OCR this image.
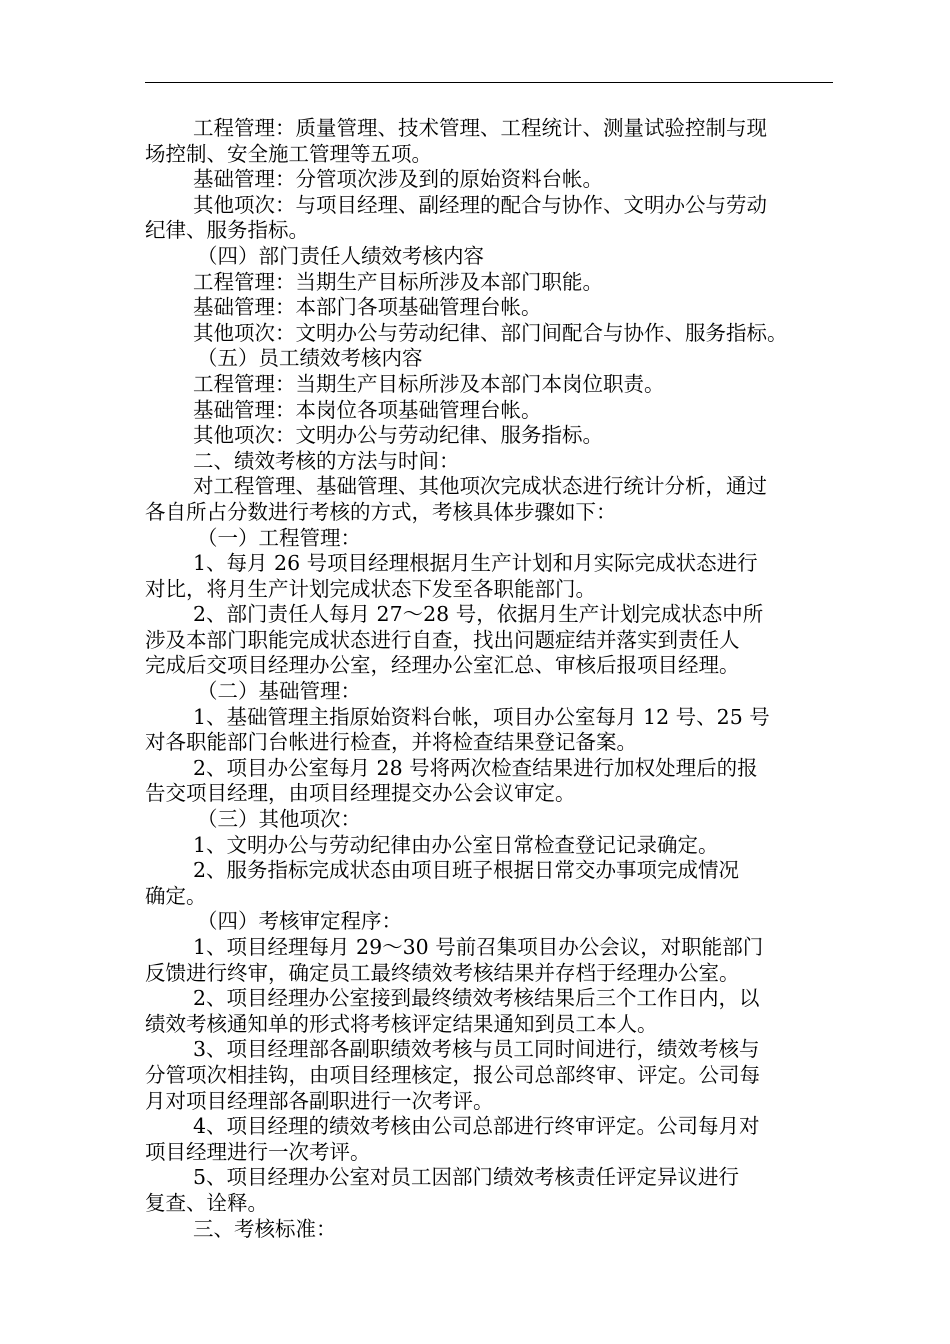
工程管理：质量管理、技术管理、工程统计、测量试验控制与现

场控制、安全施工管理等五项。

基础管理：分管项次涉及到的原始资料台帐。

其他项次：与项目经理、副经理的配合与协作、文明办公与劳动

纪律、服务指标。

（四）部门责任人绩效考核内容

工程管理：当期生产目标所涉及本部门职能。

基础管理：本部门各项基础管理台帐。

其他项次：文明办公与劳动纪律、部门间配合与协作、服务指标。

（五）员工绩效考核内容

工程管理：当期生产目标所涉及本部门本岗位职责。

基础管理：本岗位各项基础管理台帐。

其他项次：文明办公与劳动纪律、服务指标。

二、绩效考核的方法与时间：

对工程管理、基础管理、其他项次完成状态进行统计分析，通过

各自所占分数进行考核的方式，考核具体步骤如下：

（一）工程管理：

1、每月 26 号项目经理根据月生产计划和月实际完成状态进行

对比，将月生产计划完成状态下发至各职能部门。

2、部门责任人每月 27～28 号，依据月生产计划完成状态中所

涉及本部门职能完成状态进行自查，找出问题症结并落实到责任人

完成后交项目经理办公室，经理办公室汇总、审核后报项目经理。

（二）基础管理：

1、基础管理主指原始资料台帐，项目办公室每月 12 号、25 号

对各职能部门台帐进行检查，并将检查结果登记备案。

2、项目办公室每月 28 号将两次检查结果进行加权处理后的报

告交项目经理，由项目经理提交办公会议审定。

（三）其他项次：

1、文明办公与劳动纪律由办公室日常检查登记记录确定。

2、服务指标完成状态由项目班子根据日常交办事项完成情况

确定。

（四）考核审定程序：

1、项目经理每月 29～30 号前召集项目办公会议，对职能部门

反馈进行终审，确定员工最终绩效考核结果并存档于经理办公室。

2、项目经理办公室接到最终绩效考核结果后三个工作日内，以

绩效考核通知单的形式将考核评定结果通知到员工本人。

3、项目经理部各副职绩效考核与员工同时间进行，绩效考核与

分管项次相挂钩，由项目经理核定，报公司总部终审、评定。公司每

月对项目经理部各副职进行一次考评。

4、项目经理的绩效考核由公司总部进行终审评定。公司每月对

项目经理进行一次考评。

5、项目经理办公室对员工因部门绩效考核责任评定异议进行

复查、诠释。

三、考核标准：
